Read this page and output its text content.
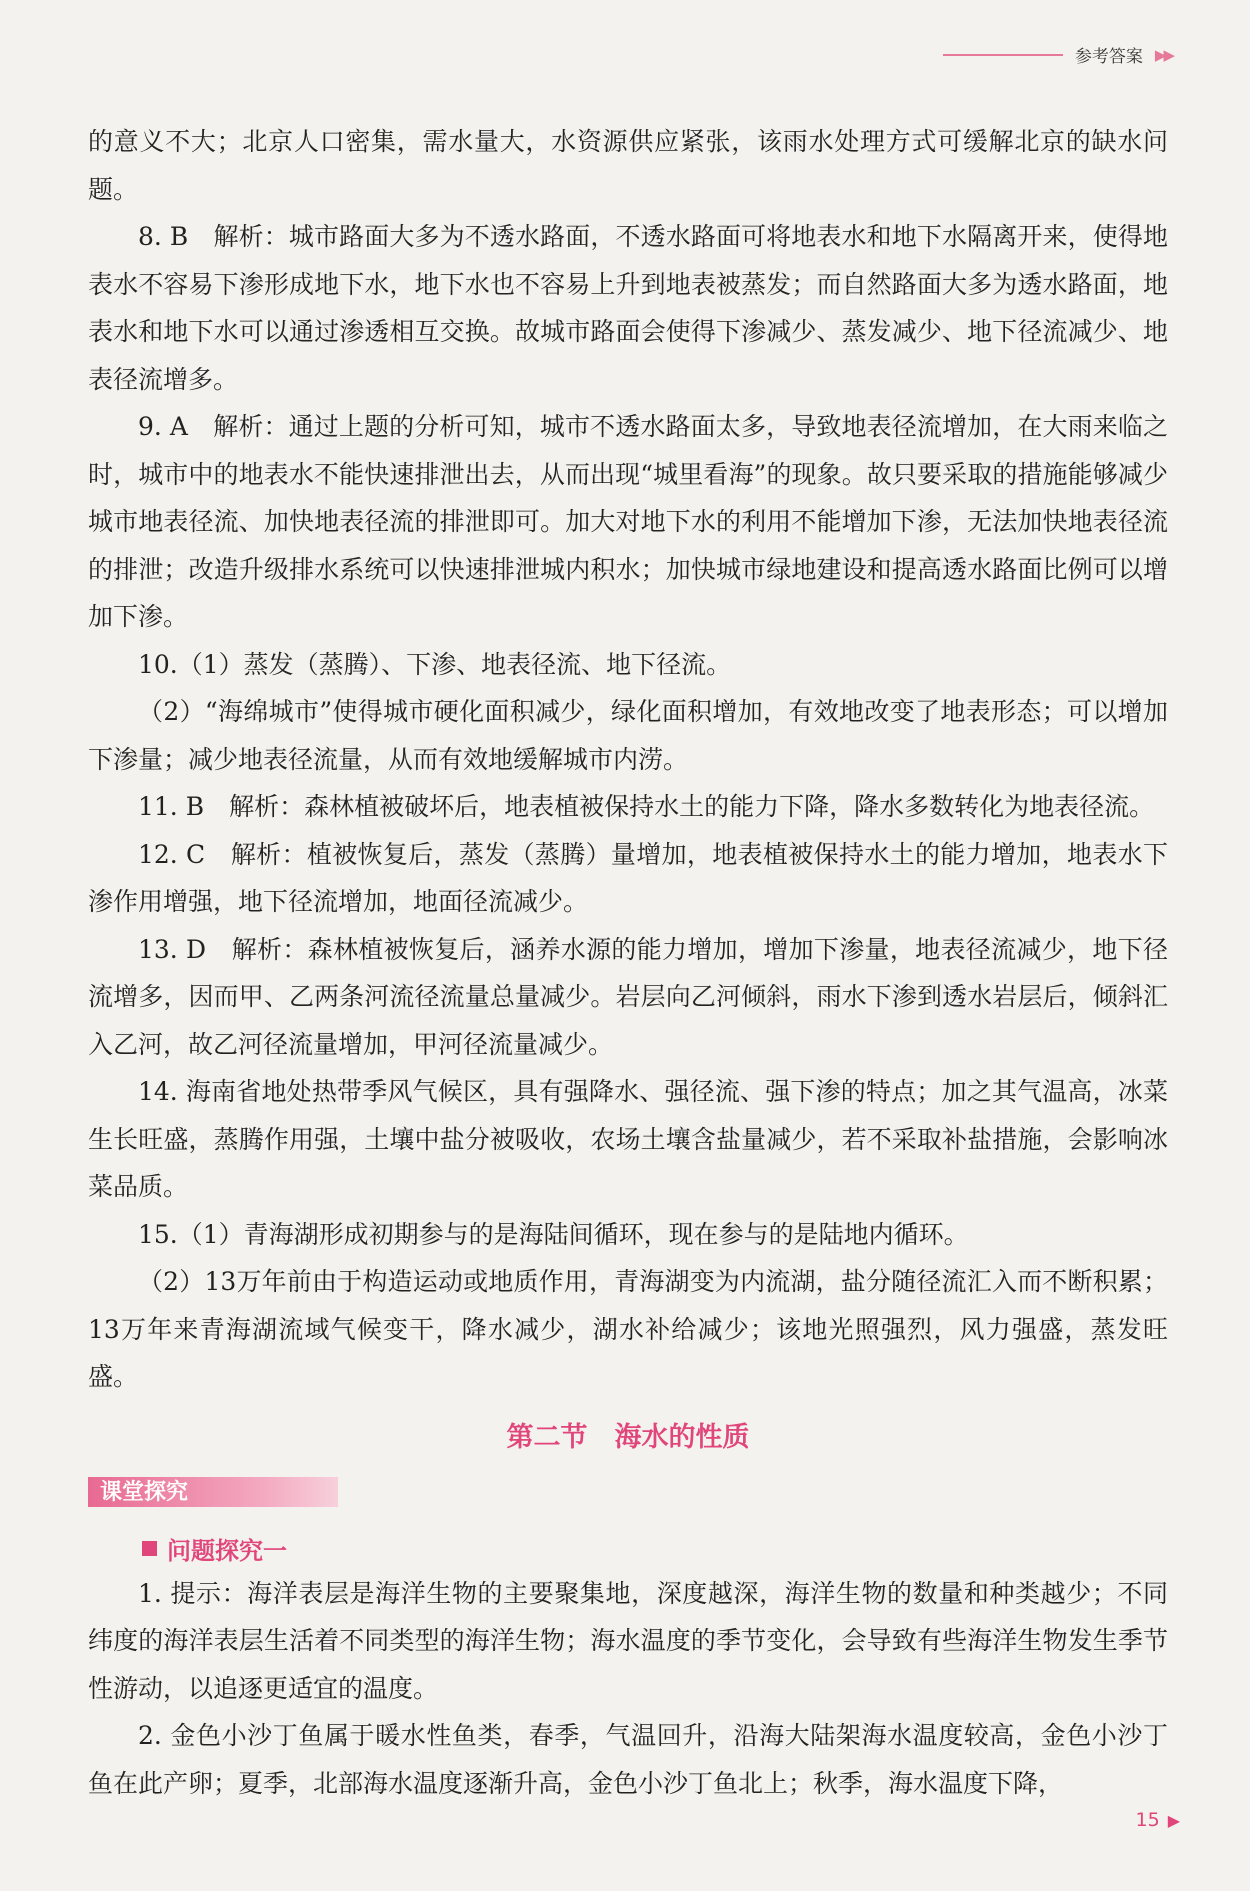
参考答案 ▶▶

的意义不大；北京人口密集，需水量大，水资源供应紧张，该雨水处理方式可缓解北京的缺水问题。

8. B　解析：城市路面大多为不透水路面，不透水路面可将地表水和地下水隔离开来，使得地表水不容易下渗形成地下水，地下水也不容易上升到地表被蒸发；而自然路面大多为透水路面，地表水和地下水可以通过渗透相互交换。故城市路面会使得下渗减少、蒸发减少、地下径流减少、地表径流增多。

9. A　解析：通过上题的分析可知，城市不透水路面太多，导致地表径流增加，在大雨来临之时，城市中的地表水不能快速排泄出去，从而出现“城里看海”的现象。故只要采取的措施能够减少城市地表径流、加快地表径流的排泄即可。加大对地下水的利用不能增加下渗，无法加快地表径流的排泄；改造升级排水系统可以快速排泄城内积水；加快城市绿地建设和提高透水路面比例可以增加下渗。

10.（1）蒸发（蒸腾）、下渗、地表径流、地下径流。

（2）“海绵城市”使得城市硬化面积减少，绿化面积增加，有效地改变了地表形态；可以增加下渗量；减少地表径流量，从而有效地缓解城市内涝。

11. B　解析：森林植被破坏后，地表植被保持水土的能力下降，降水多数转化为地表径流。

12. C　解析：植被恢复后，蒸发（蒸腾）量增加，地表植被保持水土的能力增加，地表水下渗作用增强，地下径流增加，地面径流减少。

13. D　解析：森林植被恢复后，涵养水源的能力增加，增加下渗量，地表径流减少，地下径流增多，因而甲、乙两条河流径流量总量减少。岩层向乙河倾斜，雨水下渗到透水岩层后，倾斜汇入乙河，故乙河径流量增加，甲河径流量减少。

14. 海南省地处热带季风气候区，具有强降水、强径流、强下渗的特点；加之其气温高，冰菜生长旺盛，蒸腾作用强，土壤中盐分被吸收，农场土壤含盐量减少，若不采取补盐措施，会影响冰菜品质。

15.（1）青海湖形成初期参与的是海陆间循环，现在参与的是陆地内循环。

（2）13万年前由于构造运动或地质作用，青海湖变为内流湖，盐分随径流汇入而不断积累；13万年来青海湖流域气候变干，降水减少，湖水补给减少；该地光照强烈，风力强盛，蒸发旺盛。

第二节　海水的性质
课堂探究
问题探究一

1. 提示：海洋表层是海洋生物的主要聚集地，深度越深，海洋生物的数量和种类越少；不同纬度的海洋表层生活着不同类型的海洋生物；海水温度的季节变化，会导致有些海洋生物发生季节性游动，以追逐更适宜的温度。

2. 金色小沙丁鱼属于暖水性鱼类，春季，气温回升，沿海大陆架海水温度较高，金色小沙丁鱼在此产卵；夏季，北部海水温度逐渐升高，金色小沙丁鱼北上；秋季，海水温度下降，

15 ▶
